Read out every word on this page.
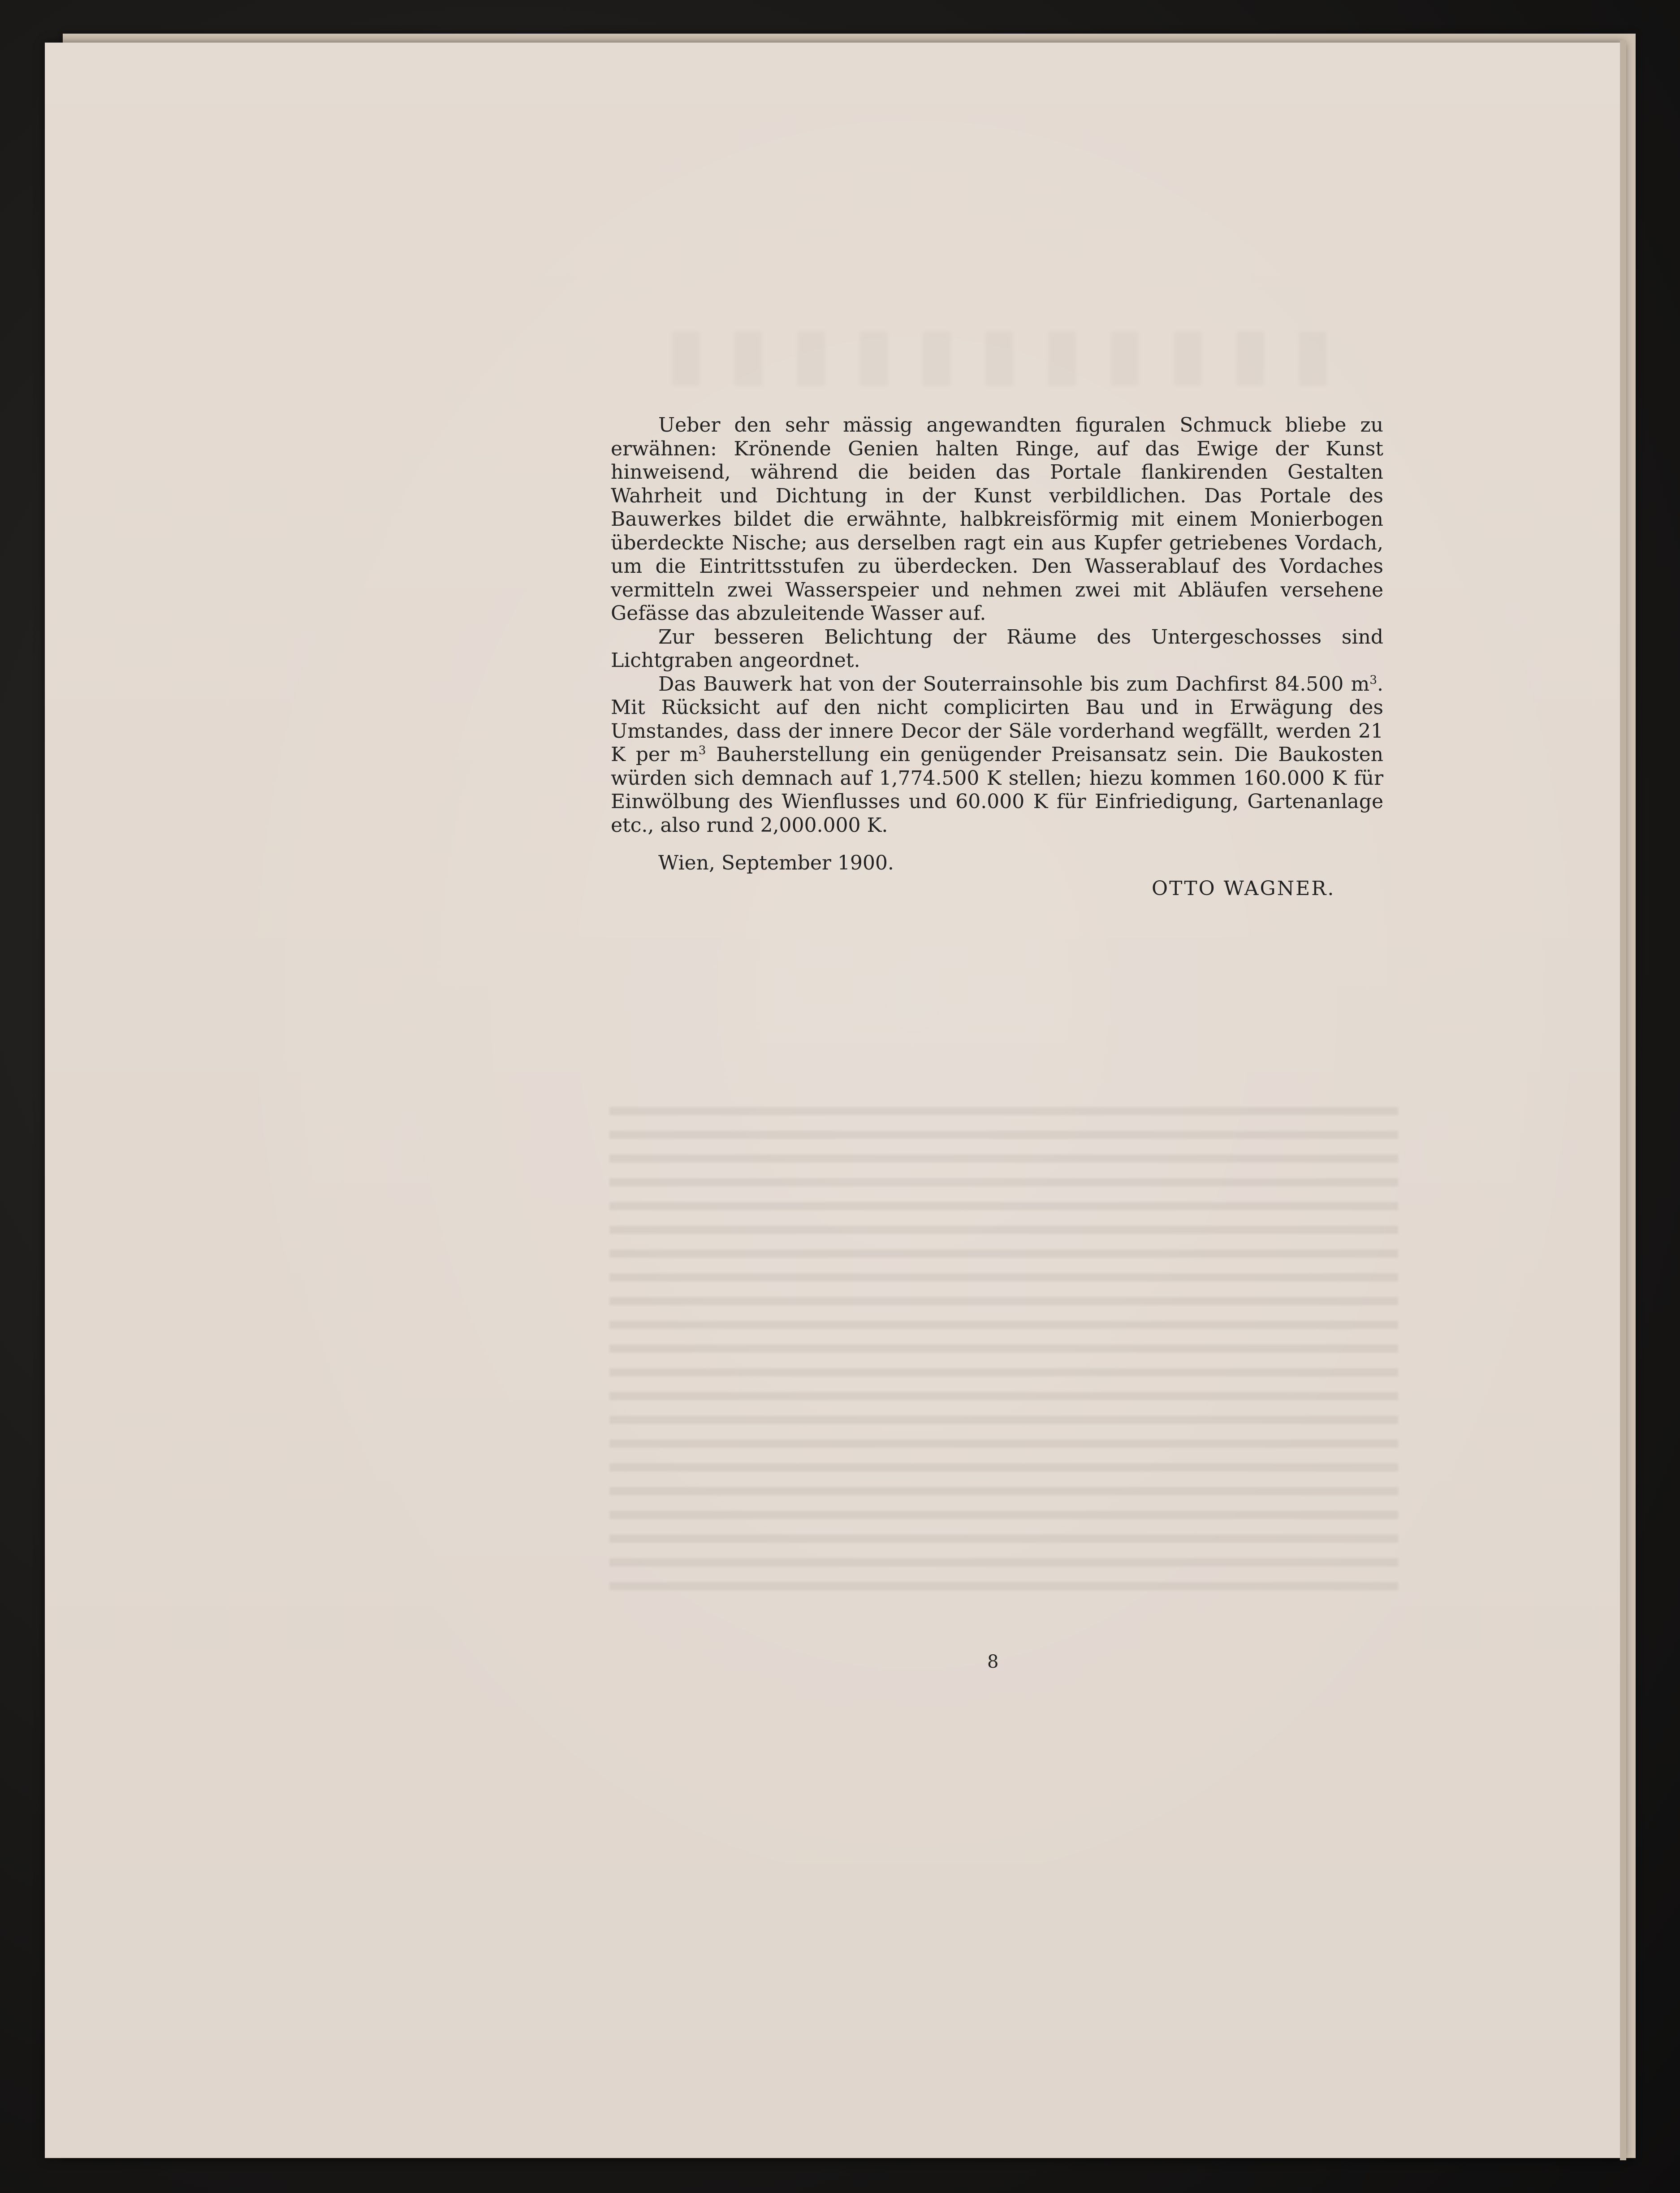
Ueber den sehr mässig angewandten figuralen Schmuck bliebe zu erwähnen: Krönende Genien halten Ringe, auf das Ewige der Kunst hinweisend, während die beiden das Portale flankirenden Gestalten Wahrheit und Dichtung in der Kunst verbildlichen. Das Portale des Bauwerkes bildet die erwähnte, halbkreisförmig mit einem Monierbogen überdeckte Nische; aus derselben ragt ein aus Kupfer getriebenes Vordach, um die Eintrittsstufen zu überdecken. Den Wasserablauf des Vordaches vermitteln zwei Wasserspeier und nehmen zwei mit Abläufen versehene Gefässe das abzuleitende Wasser auf.

Zur besseren Belichtung der Räume des Untergeschosses sind Lichtgraben angeordnet.

Das Bauwerk hat von der Souterrainsohle bis zum Dachfirst 84.500 $m^3$. Mit Rücksicht auf den nicht complicirten Bau und in Erwägung des Umstandes, dass der innere Decor der Säle vorderhand wegfällt, werden 21 K per $m^3$ Bauherstellung ein genügender Preisansatz sein. Die Baukosten würden sich demnach auf 1,774.500 K stellen; hiezu kommen 160.000 K für Einwölbung des Wienflusses und 60.000 K für Einfriedigung, Gartenanlage etc., also rund 2,000.000 K.

Wien, September 1900.
OTTO WAGNER.
8
